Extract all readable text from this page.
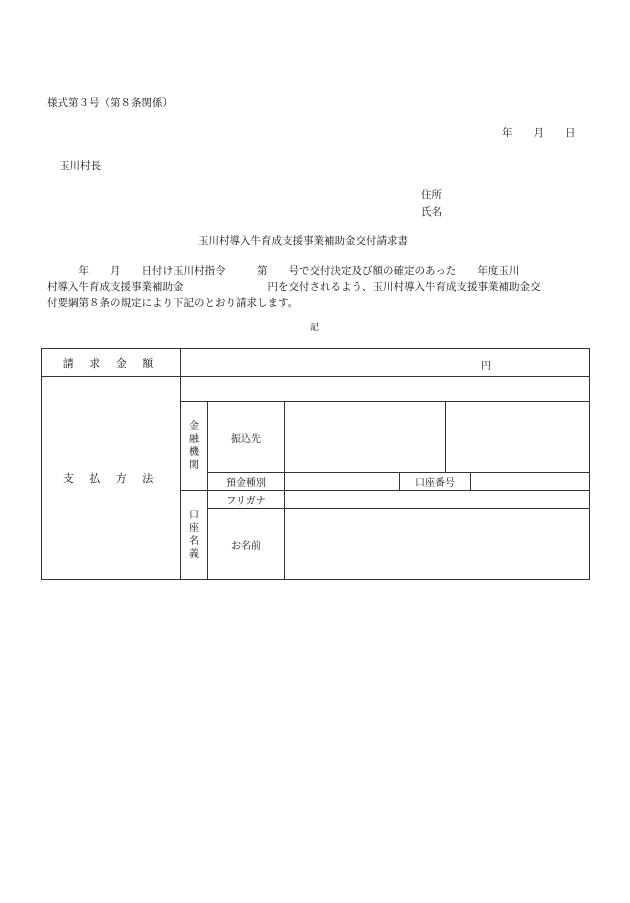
様式第３号（第８条関係）
年　　月　　日
玉川村長
住所
氏名
玉川村導入牛育成支援事業補助金交付請求書
　　　年　　月　　日付け玉川村指令　　　第　　号で交付決定及び額の確定のあった　　年度玉川
村導入牛育成支援事業補助金　　　　　　　　円を交付されるよう、玉川村導入牛育成支援事業補助金交
付要綱第８条の規定により下記のとおり請求します。
記
請 求 金 額	円					

支 払 方 法						
	金融機関	振込先				
		預金種別		口座番号		
	口座名義	フリガナ				
		お名前				
